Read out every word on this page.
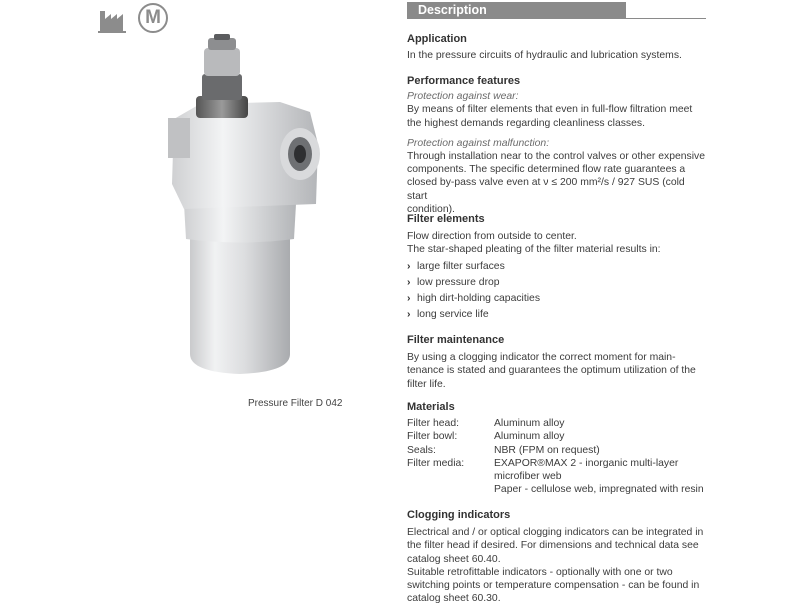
M
Pressure Filter D 042
Description
Application
In the pressure circuits of hydraulic and lubrication systems.
Performance features
Protection against wear:
By means of filter elements that even in full-flow filtration meet
the highest demands regarding cleanliness classes.
Protection against malfunction:
Through installation near to the control valves or other expensive
components. The specific determined flow rate guarantees a
closed by-pass valve even at ν ≤ 200 mm²/s / 927 SUS (cold start
condition).
Filter elements
Flow direction from outside to center.
The star-shaped pleating of the filter material results in:
› large filter surfaces
› low pressure drop
› high dirt-holding capacities
› long service life
Filter maintenance
By using a clogging indicator the correct moment for main-
tenance is stated and guarantees the optimum utilization of the
filter life.
Materials
Filter head:	Aluminum alloy
Filter bowl:	Aluminum alloy
Seals:	NBR (FPM on request)
Filter media:	EXAPOR®MAX 2 - inorganic multi-layer
microfiber web
Paper - cellulose web, impregnated with resin
Clogging indicators
Electrical and / or optical clogging indicators can be integrated in
the filter head if desired. For dimensions and technical data see
catalog sheet 60.40.
Suitable retrofittable indicators - optionally with one or two
switching points or temperature compensation - can be found in
catalog sheet 60.30.
